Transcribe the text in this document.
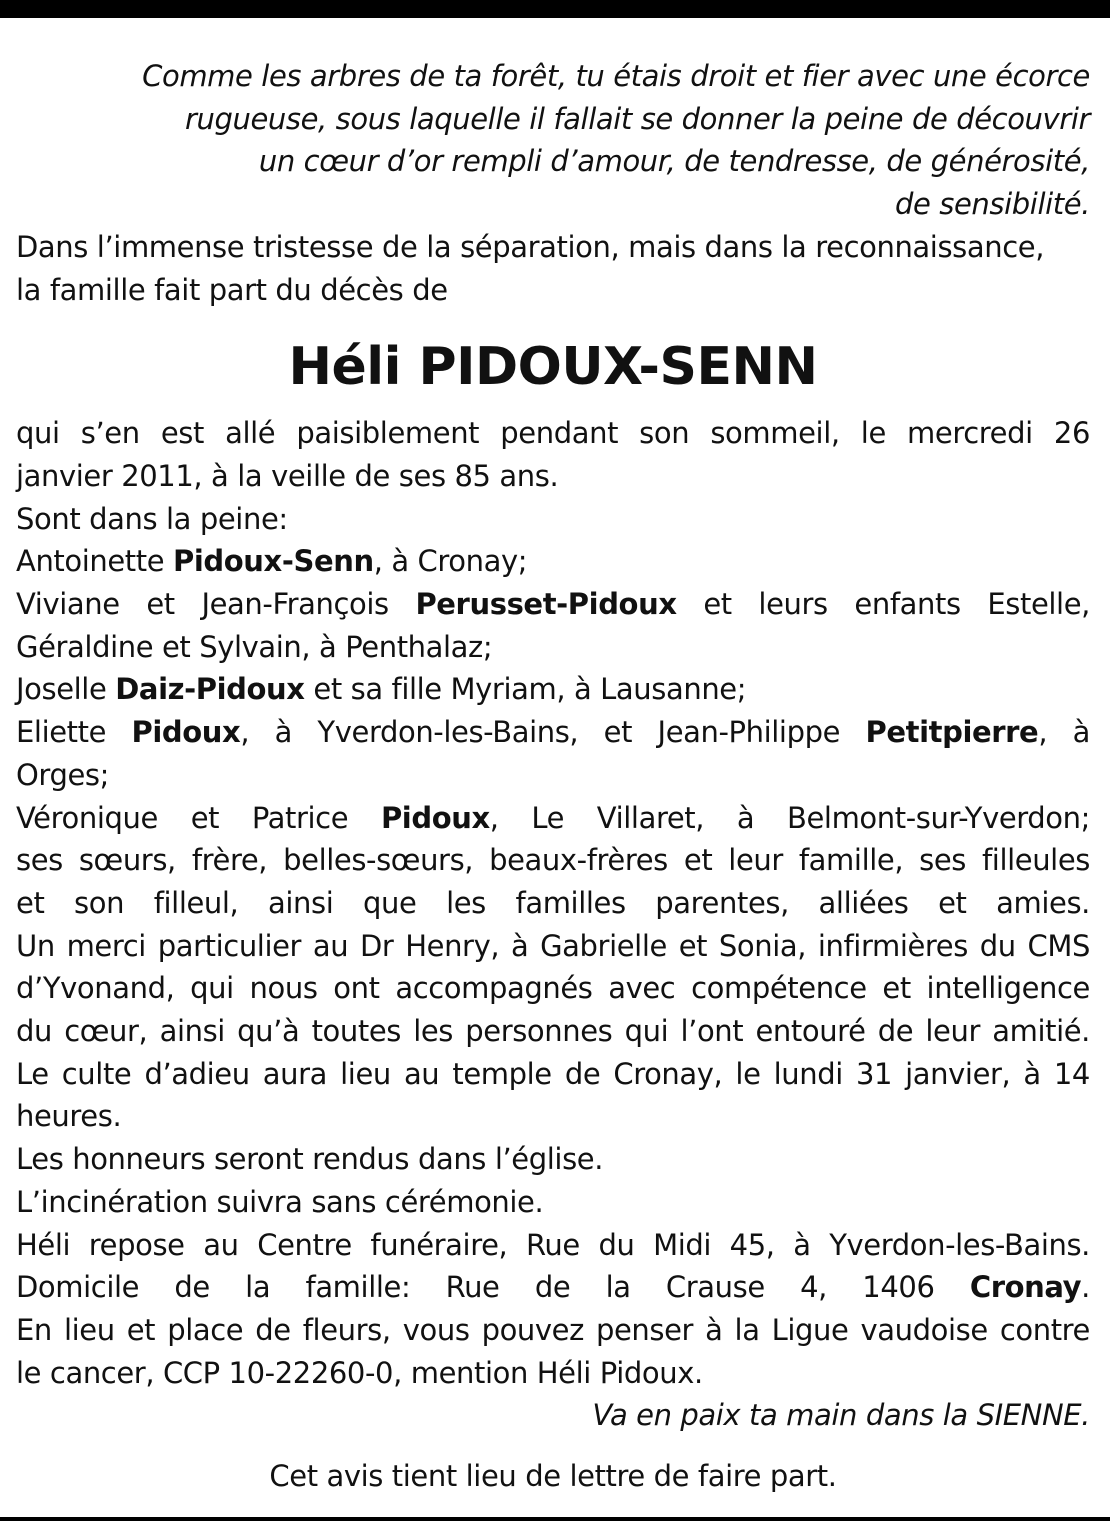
Comme les arbres de ta forêt, tu étais droit et fier avec une écorce
rugueuse, sous laquelle il fallait se donner la peine de découvrir
un cœur d’or rempli d’amour, de tendresse, de générosité,
de sensibilité.
Dans l’immense tristesse de la séparation, mais dans la reconnaissance,
la famille fait part du décès de
Héli PIDOUX-SENN
qui s’en est allé paisiblement pendant son sommeil, le mercredi 26
janvier 2011, à la veille de ses 85 ans.
Sont dans la peine:
Antoinette Pidoux-Senn, à Cronay;
Viviane et Jean-François Perusset-Pidoux et leurs enfants Estelle,
Géraldine et Sylvain, à Penthalaz;
Joselle Daiz-Pidoux et sa fille Myriam, à Lausanne;
Eliette Pidoux, à Yverdon-les-Bains, et Jean-Philippe Petitpierre, à
Orges;
Véronique et Patrice Pidoux, Le Villaret, à Belmont-sur-Yverdon;
ses sœurs, frère, belles-sœurs, beaux-frères et leur famille, ses filleules
et son filleul, ainsi que les familles parentes, alliées et amies.
Un merci particulier au Dr Henry, à Gabrielle et Sonia, infirmières du CMS
d’Yvonand, qui nous ont accompagnés avec compétence et intelligence
du cœur, ainsi qu’à toutes les personnes qui l’ont entouré de leur amitié.
Le culte d’adieu aura lieu au temple de Cronay, le lundi 31 janvier, à 14
heures.
Les honneurs seront rendus dans l’église.
L’incinération suivra sans cérémonie.
Héli repose au Centre funéraire, Rue du Midi 45, à Yverdon-les-Bains.
Domicile de la famille: Rue de la Crause 4, 1406 Cronay.
En lieu et place de fleurs, vous pouvez penser à la Ligue vaudoise contre
le cancer, CCP 10-22260-0, mention Héli Pidoux.
Va en paix ta main dans la SIENNE.
Cet avis tient lieu de lettre de faire part.
